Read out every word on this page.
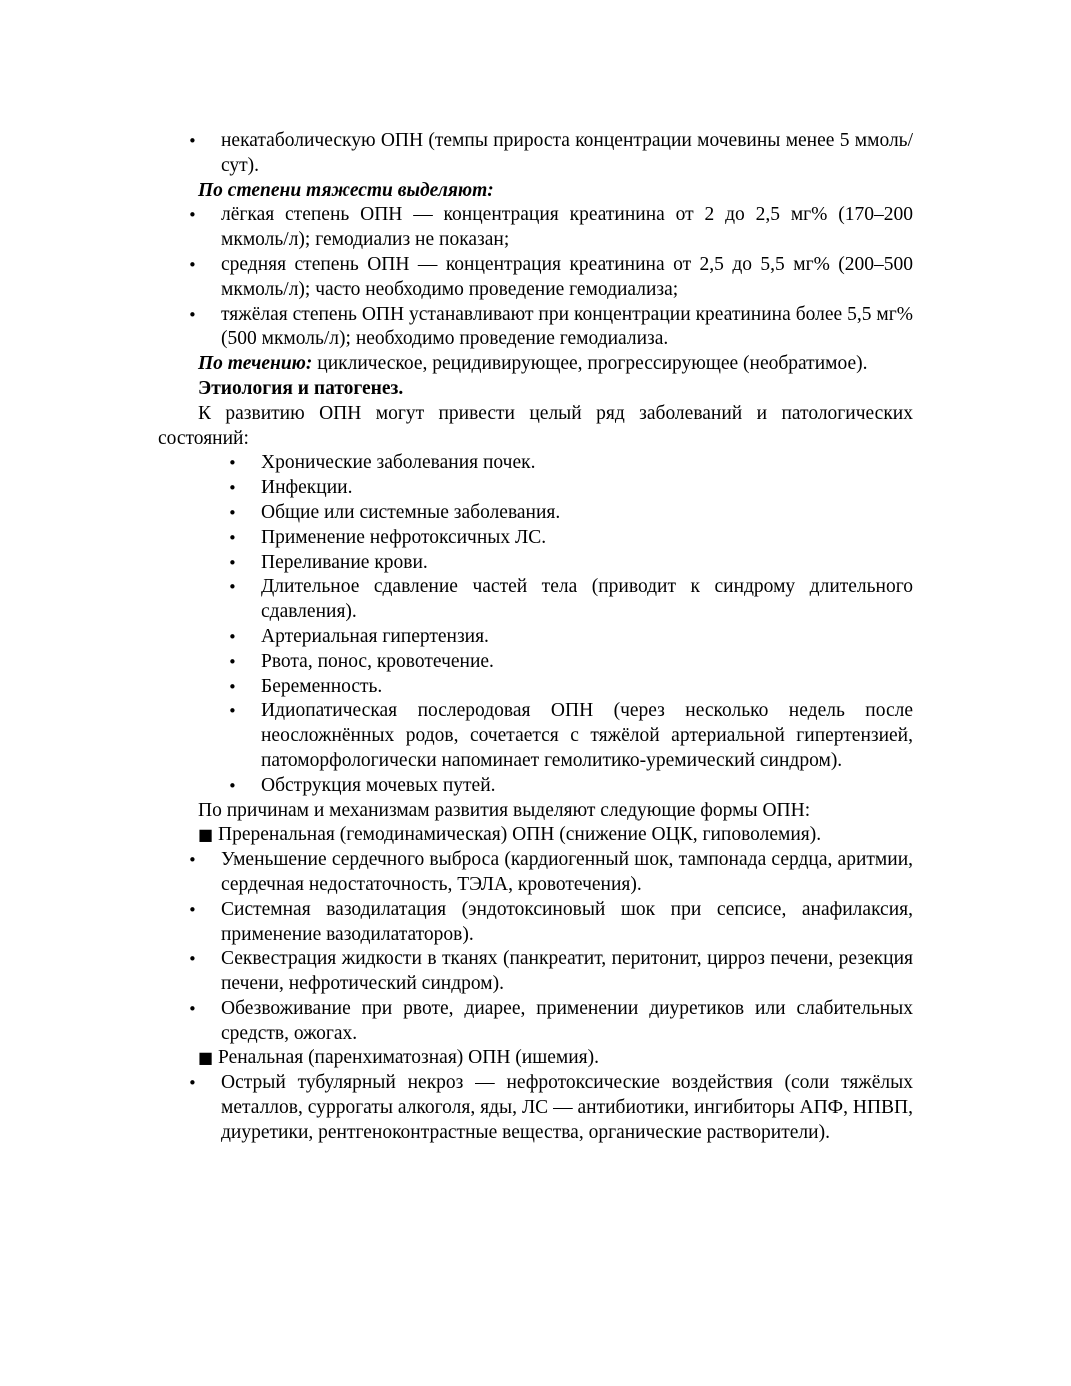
• некатаболическую ОПН (темпы прироста концентрации мочевины менее 5 ммоль/сут).
По степени тяжести выделяют:
• лёгкая степень ОПН — концентрация креатинина от 2 до 2,5 мг% (170–200 мкмоль/л); гемодиализ не показан;
• средняя степень ОПН — концентрация креатинина от 2,5 до 5,5 мг% (200–500 мкмоль/л); часто необходимо проведение гемодиализа;
• тяжёлая степень ОПН устанавливают при концентрации креатинина более 5,5 мг% (500 мкмоль/л); необходимо проведение гемодиализа.
По течению: циклическое, рецидивирующее, прогрессирующее (необратимое).
Этиология и патогенез.
К развитию ОПН могут привести целый ряд заболеваний и патологических состояний:
• Хронические заболевания почек.
• Инфекции.
• Общие или системные заболевания.
• Применение нефротоксичных ЛС.
• Переливание крови.
• Длительное сдавление частей тела (приводит к синдрому длительного сдавления).
• Артериальная гипертензия.
• Рвота, понос, кровотечение.
• Беременность.
• Идиопатическая послеродовая ОПН (через несколько недель после неосложнённых родов, сочетается с тяжёлой артериальной гипертензией, патоморфологически напоминает гемолитико-уремический синдром).
• Обструкция мочевых путей.
По причинам и механизмам развития выделяют следующие формы ОПН:
■ Преренальная (гемодинамическая) ОПН (снижение ОЦК, гиповолемия).
• Уменьшение сердечного выброса (кардиогенный шок, тампонада сердца, аритмии, сердечная недостаточность, ТЭЛА, кровотечения).
• Системная вазодилатация (эндотоксиновый шок при сепсисе, анафилаксия, применение вазодилататоров).
• Секвестрация жидкости в тканях (панкреатит, перитонит, цирроз печени, резекция печени, нефротический синдром).
• Обезвоживание при рвоте, диарее, применении диуретиков или слабительных средств, ожогах.
■ Ренальная (паренхиматозная) ОПН (ишемия).
• Острый тубулярный некроз — нефротоксические воздействия (соли тяжёлых металлов, суррогаты алкоголя, яды, ЛС — антибиотики, ингибиторы АПФ, НПВП, диуретики, рентгеноконтрастные вещества, органические растворители).
